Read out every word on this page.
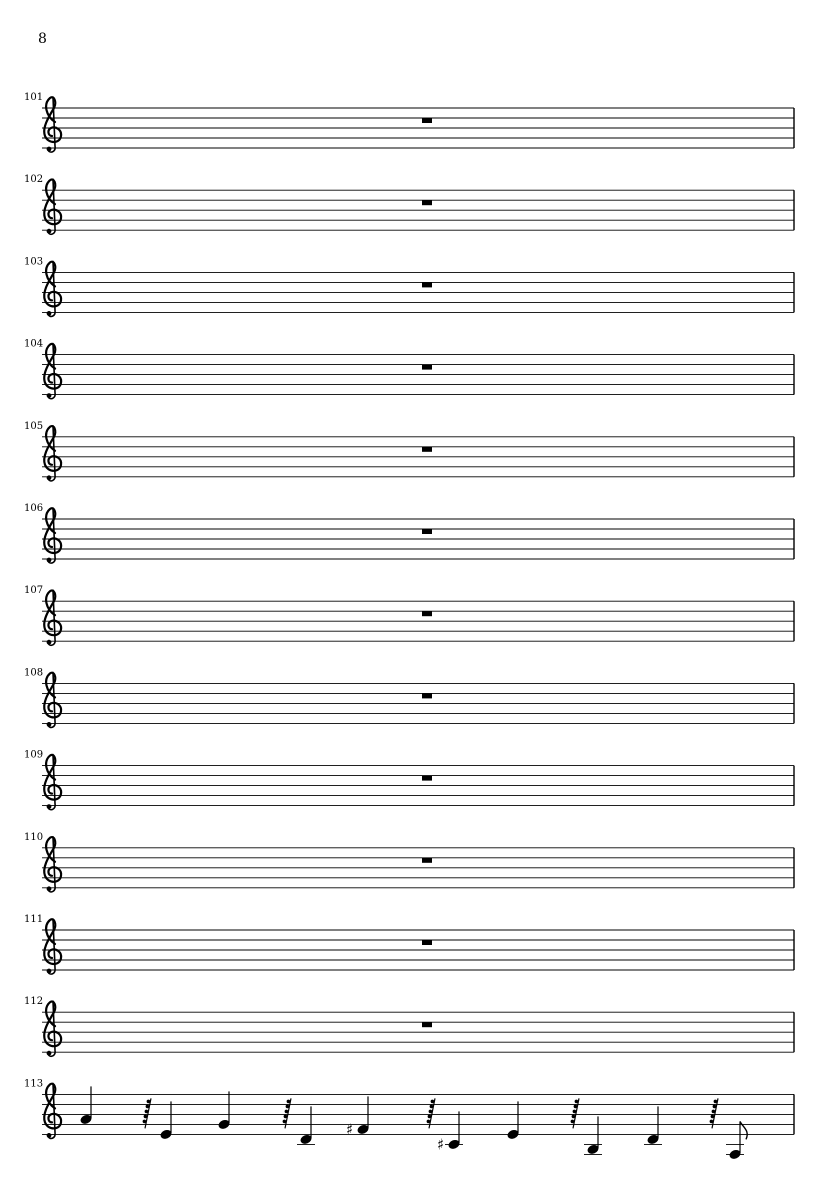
8
101
102
103
104
105
106
107
108
109
110
111
112
113
♯
♯
